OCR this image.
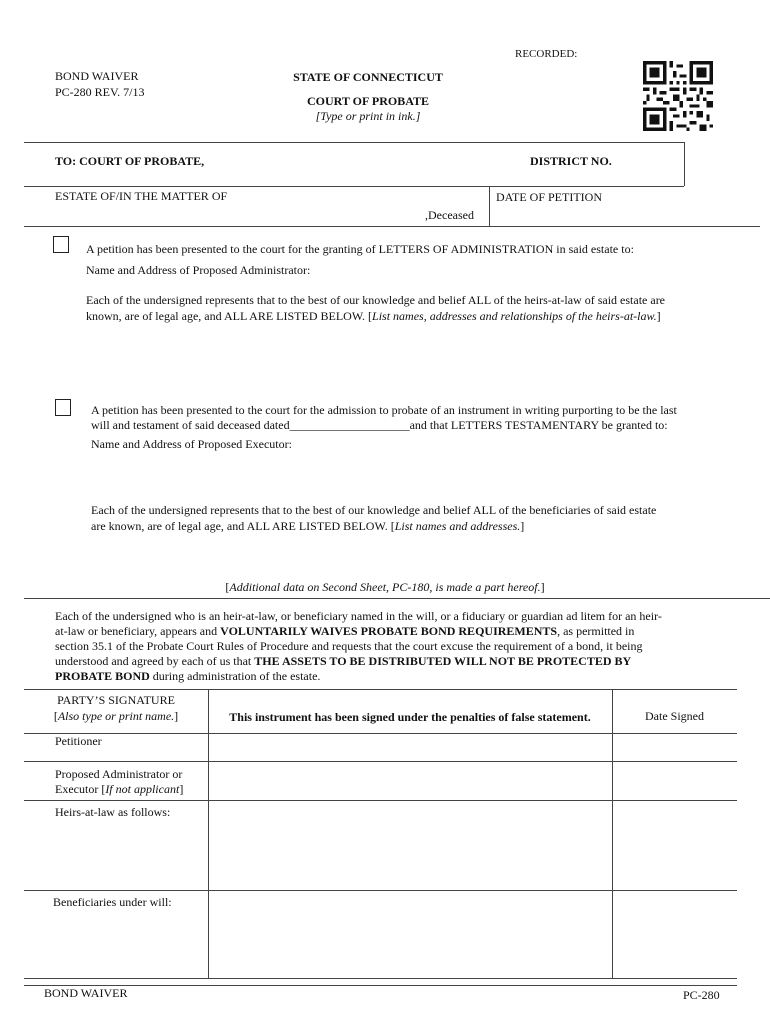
RECORDED:
BOND WAIVER
PC-280 REV. 7/13
STATE OF CONNECTICUT
COURT OF PROBATE
[Type or print in ink.]
TO: COURT OF PROBATE,	DISTRICT NO.
ESTATE OF/IN THE MATTER OF
,Deceased
DATE OF PETITION
A petition has been presented to the court for the granting of LETTERS OF ADMINISTRATION in said estate to:
Name and Address of Proposed Administrator:
Each of the undersigned represents that to the best of our knowledge and belief ALL of the heirs-at-law of said estate are
known, are of legal age, and ALL ARE LISTED BELOW. [List names, addresses and relationships of the heirs-at-law.]
A petition has been presented to the court for the admission to probate of an instrument in writing purporting to be the last
will and testament of said deceased dated____________________and that LETTERS TESTAMENTARY be granted to:
Name and Address of Proposed Executor:
Each of the undersigned represents that to the best of our knowledge and belief ALL of the beneficiaries of said estate
are known, are of legal age, and ALL ARE LISTED BELOW. [List names and addresses.]
[Additional data on Second Sheet, PC-180, is made a part hereof.]
Each of the undersigned who is an heir-at-law, or beneficiary named in the will, or a fiduciary or guardian ad litem for an heir-
at-law or beneficiary, appears and VOLUNTARILY WAIVES PROBATE BOND REQUIREMENTS, as permitted in
section 35.1 of the Probate Court Rules of Procedure and requests that the court excuse the requirement of a bond, it being
understood and agreed by each of us that THE ASSETS TO BE DISTRIBUTED WILL NOT BE PROTECTED BY
PROBATE BOND during administration of the estate.
PARTY’S SIGNATURE
[Also type or print name.]	This instrument has been signed under the penalties of false statement.	Date Signed
Petitioner
Proposed Administrator or
Executor [If not applicant]
Heirs-at-law as follows:
Beneficiaries under will:
BOND WAIVER	PC-280
